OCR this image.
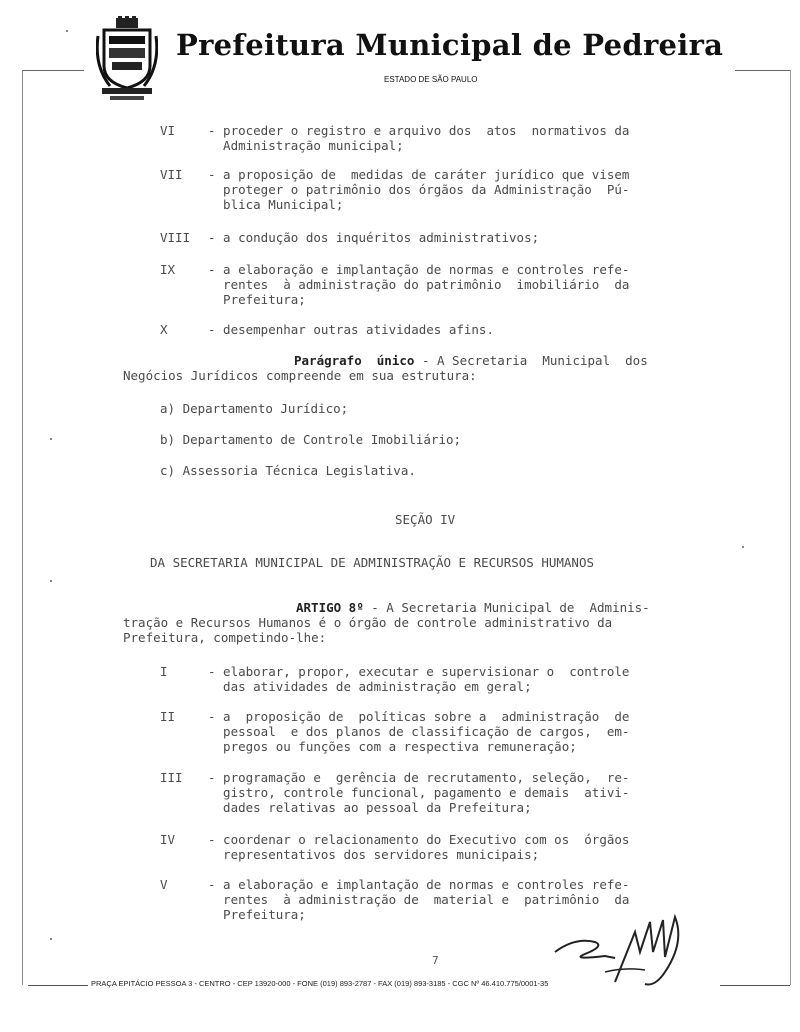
Prefeitura Municipal de Pedreira
ESTADO DE SÃO PAULO
VI	- proceder o registro e arquivo dos  atos  normativos da
Administração municipal;
VII - a proposição de  medidas de caráter jurídico que visem
proteger o patrimônio dos órgãos da Administração  Pú-
blica Municipal;
VIII - a condução dos inquéritos administrativos;
IX	- a elaboração e implantação de normas e controles refe-
rentes  à administração do patrimônio  imobiliário  da
Prefeitura;
X	- desempenhar outras atividades afins.
Parágrafo  único - A Secretaria  Municipal  dos
Negócios Jurídicos compreende em sua estrutura:
a) Departamento Jurídico;
b) Departamento de Controle Imobiliário;
c) Assessoria Técnica Legislativa.
SEÇÃO IV
DA SECRETARIA MUNICIPAL DE ADMINISTRAÇÃO E RECURSOS HUMANOS
ARTIGO 8º - A Secretaria Municipal de  Adminis-
tração e Recursos Humanos é o órgão de controle administrativo da
Prefeitura, competindo-lhe:
I	- elaborar, propor, executar e supervisionar o  controle
das atividades de administração em geral;
II	- a  proposição de  políticas sobre a  administração  de
pessoal  e dos planos de classificação de cargos,  em-
pregos ou funções com a respectiva remuneração;
III - programação e  gerência de recrutamento, seleção,  re-
gistro, controle funcional, pagamento e demais  ativi-
dades relativas ao pessoal da Prefeitura;
IV	- coordenar o relacionamento do Executivo com os  órgãos
representativos dos servidores municipais;
V	- a elaboração e implantação de normas e controles refe-
rentes  à administração de  material e  patrimônio  da
Prefeitura;
7
PRAÇA EPITÁCIO PESSOA 3 - CENTRO - CEP 13920-000 - FONE (019) 893-2787 - FAX (019) 893-3185 - CGC Nº 46.410.775/0001-35
